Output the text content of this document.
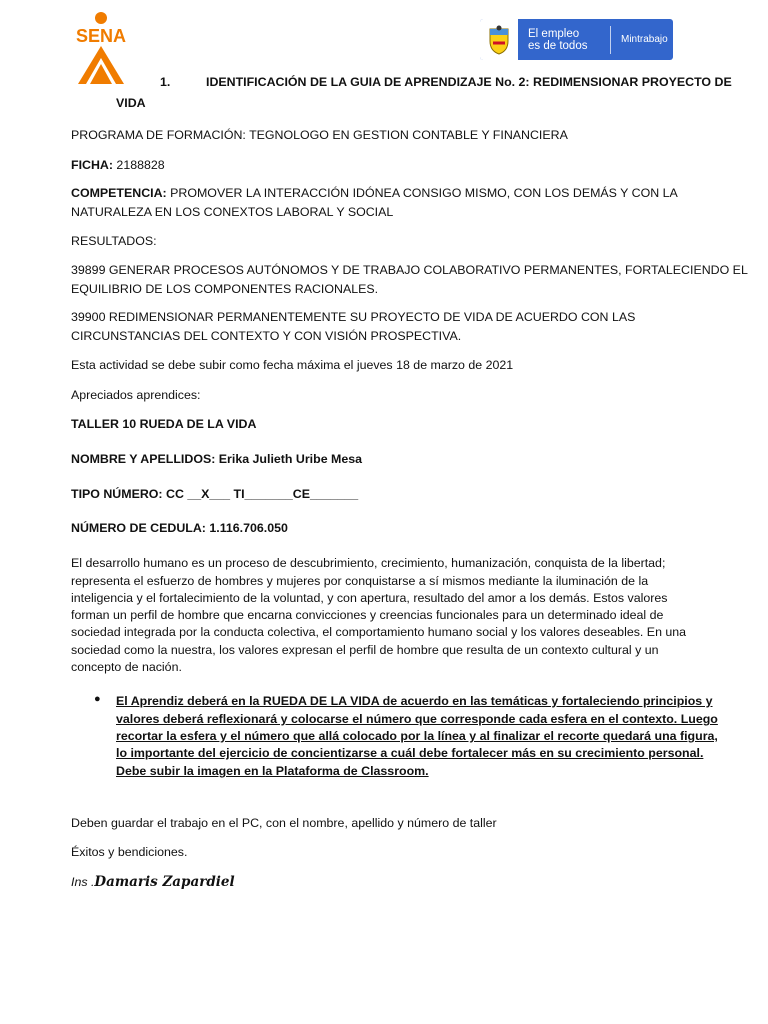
SENA	El empleo
es de todos	Mintrabajo
1.	IDENTIFICACIÓN DE LA GUIA DE APRENDIZAJE No. 2: REDIMENSIONAR PROYECTO DE
VIDA
PROGRAMA DE FORMACIÓN: TEGNOLOGO EN GESTION CONTABLE Y FINANCIERA
FICHA: 2188828
COMPETENCIA: PROMOVER LA INTERACCIÓN IDÓNEA CONSIGO MISMO, CON LOS DEMÁS Y CON LA
NATURALEZA EN LOS CONEXTOS LABORAL Y SOCIAL
RESULTADOS:
39899 GENERAR PROCESOS AUTÓNOMOS Y DE TRABAJO COLABORATIVO PERMANENTES, FORTALECIENDO EL
EQUILIBRIO DE LOS COMPONENTES RACIONALES.
39900 REDIMENSIONAR PERMANENTEMENTE SU PROYECTO DE VIDA DE ACUERDO CON LAS
CIRCUNSTANCIAS DEL CONTEXTO Y CON VISIÓN PROSPECTIVA.
Esta actividad se debe subir como fecha máxima el jueves 18 de marzo de 2021
Apreciados aprendices:
TALLER 10 RUEDA DE LA VIDA
NOMBRE Y APELLIDOS: Erika Julieth Uribe Mesa
TIPO NÚMERO: CC __X___ TI_______CE_______
NÚMERO DE CEDULA: 1.116.706.050
El desarrollo humano es un proceso de descubrimiento, crecimiento, humanización, conquista de la libertad;
representa el esfuerzo de hombres y mujeres por conquistarse a sí mismos mediante la iluminación de la
inteligencia y el fortalecimiento de la voluntad, y con apertura, resultado del amor a los demás. Estos valores
forman un perfil de hombre que encarna convicciones y creencias funcionales para un determinado ideal de
sociedad integrada por la conducta colectiva, el comportamiento humano social y los valores deseables. En una
sociedad como la nuestra, los valores expresan el perfil de hombre que resulta de un contexto cultural y un
concepto de nación.
● El Aprendiz deberá en la RUEDA DE LA VIDA de acuerdo en las temáticas y fortaleciendo principios y
valores deberá reflexionará y colocarse el número que corresponde cada esfera en el contexto. Luego
recortar la esfera y el número que allá colocado por la línea y al finalizar el recorte quedará una figura,
lo importante del ejercicio de concientizarse a cuál debe fortalecer más en su crecimiento personal.
Debe subir la imagen en la Plataforma de Classroom.
Deben guardar el trabajo en el PC, con el nombre, apellido y número de taller
Éxitos y bendiciones.
Ins .Damaris Zapardiel
